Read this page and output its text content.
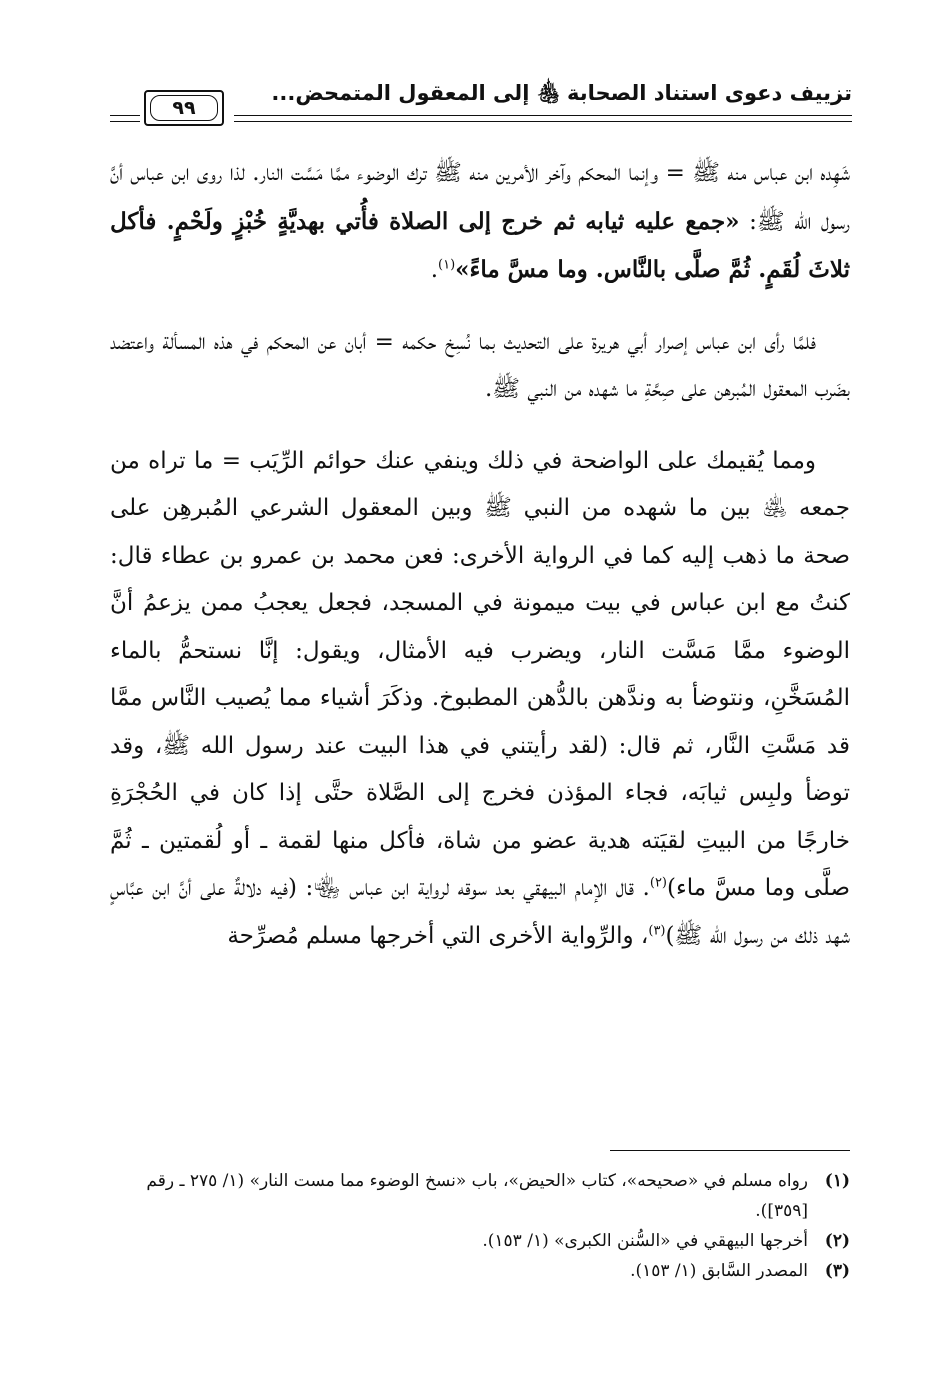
تزييف دعوى استناد الصحابة ﵃ إلى المعقول المتمحض...
٩٩

شَهِده ابن عباس منه ﷺ = وإنما المحكم وآخر الأمرين منه ﷺ ترك الوضوء ممَّا مَسَّت النار. لذا روى ابن عباس أنَّ رسول الله ﷺ: «جمع عليه ثيابه ثم خرج إلى الصلاة فأُتي بهديَّةٍ خُبْزٍ ولَحْمٍ. فأكل ثلاثَ لُقَمٍ. ثُمَّ صلَّى بالنَّاس. وما مسَّ ماءً»$^{(١)}$.

فلمَّا رأى ابن عباس إصرار أبي هريرة على التحديث بما نُسِخ حكمه = أبان عن المحكم في هذه المسألة واعتضد بضَرب المعقول المُبرهن على صِحَّةِ ما شهده من النبي ﷺ.

ومما يُقيمك على الواضحة في ذلك وينفي عنك حوائم الرِّيَب = ما تراه من جمعه ﵁ بين ما شهده من النبي ﷺ وبين المعقول الشرعي المُبرهِن على صحة ما ذهب إليه كما في الرواية الأخرى: فعن محمد بن عمرو بن عطاء قال: كنتُ مع ابن عباس في بيت ميمونة في المسجد، فجعل يعجبُ ممن يزعمُ أنَّ الوضوء ممَّا مَسَّت النار، ويضرب فيه الأمثال، ويقول: إنَّا نستحمُّ بالماء المُسَخَّنِ، ونتوضأ به وندَّهن بالدُّهن المطبوخ. وذكَرَ أشياء مما يُصيب النَّاس ممَّا قد مَسَّتِ النَّار، ثم قال: (لقد رأيتني في هذا البيت عند رسول الله ﷺ، وقد توضأ ولبِس ثيابَه، فجاء المؤذن فخرج إلى الصَّلاة حتَّى إذا كان في الحُجْرَةِ خارجًا من البيتِ لقيَته هدية عضو من شاة، فأكل منها لقمة ـ أو لُقمتين ـ ثُمَّ صلَّى وما مسَّ ماء)$^{(٢)}$. قال الإمام البيهقي بعد سوقه لرواية ابن عباس ﵄: (فيه دلالةٌ على أنَّ ابن عبَّاسٍ شهد ذلك من رسول الله ﷺ)$^{(٣)}$، والرِّواية الأخرى التي أخرجها مسلم مُصرِّحة

(١)
رواه مسلم في «صحيحه»، كتاب «الحيض»، باب «نسخ الوضوء مما مست النار» (١/ ٢٧٥ ـ رقم [٣٥٩]).
(٢)
أخرجها البيهقي في «السُّنن الكبرى» (١/ ١٥٣).
(٣)
المصدر السَّابق (١/ ١٥٣).
